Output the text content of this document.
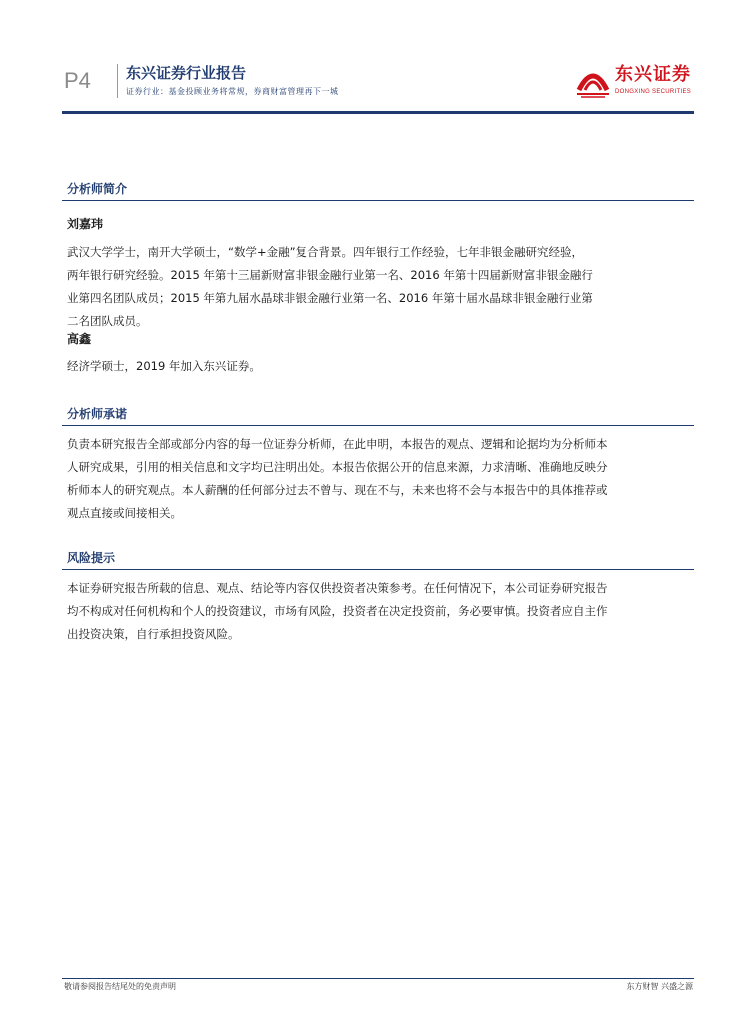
P4 东兴证券行业报告
证券行业：基金投顾业务将常规，券商财富管理再下一城
东兴证券
DONGXING SECURITIES
分析师简介
刘嘉玮
武汉大学学士，南开大学硕士，“数学+金融”复合背景。四年银行工作经验，七年非银金融研究经验，
两年银行研究经验。2015 年第十三届新财富非银金融行业第一名、2016 年第十四届新财富非银金融行
业第四名团队成员；2015 年第九届水晶球非银金融行业第一名、2016 年第十届水晶球非银金融行业第
二名团队成员。
高鑫
经济学硕士，2019 年加入东兴证券。
分析师承诺
负责本研究报告全部或部分内容的每一位证券分析师，在此申明，本报告的观点、逻辑和论据均为分析师本
人研究成果，引用的相关信息和文字均已注明出处。本报告依据公开的信息来源，力求清晰、准确地反映分
析师本人的研究观点。本人薪酬的任何部分过去不曾与、现在不与，未来也将不会与本报告中的具体推荐或
观点直接或间接相关。
风险提示
本证券研究报告所载的信息、观点、结论等内容仅供投资者决策参考。在任何情况下，本公司证券研究报告
均不构成对任何机构和个人的投资建议，市场有风险，投资者在决定投资前，务必要审慎。投资者应自主作
出投资决策，自行承担投资风险。
敬请参阅报告结尾处的免责声明	东方财智 兴盛之源
